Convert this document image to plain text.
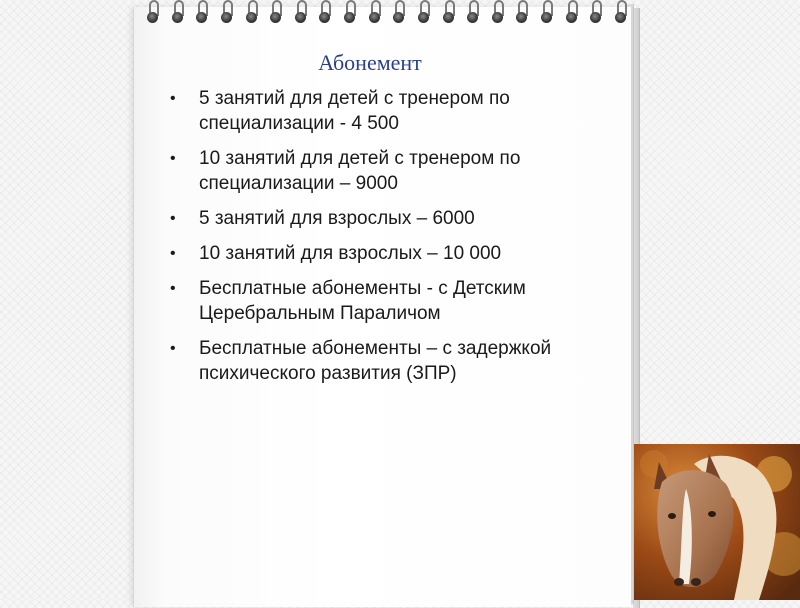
Абонемент
• 5 занятий для детей с тренером по специализации - 4 500
• 10 занятий для детей с тренером по специализации – 9000
• 5 занятий для взрослых – 6000
• 10 занятий для взрослых – 10 000
• Бесплатные абонементы - с Детским Церебральным Параличом
• Бесплатные абонементы – с задержкой психического развития (ЗПР)
